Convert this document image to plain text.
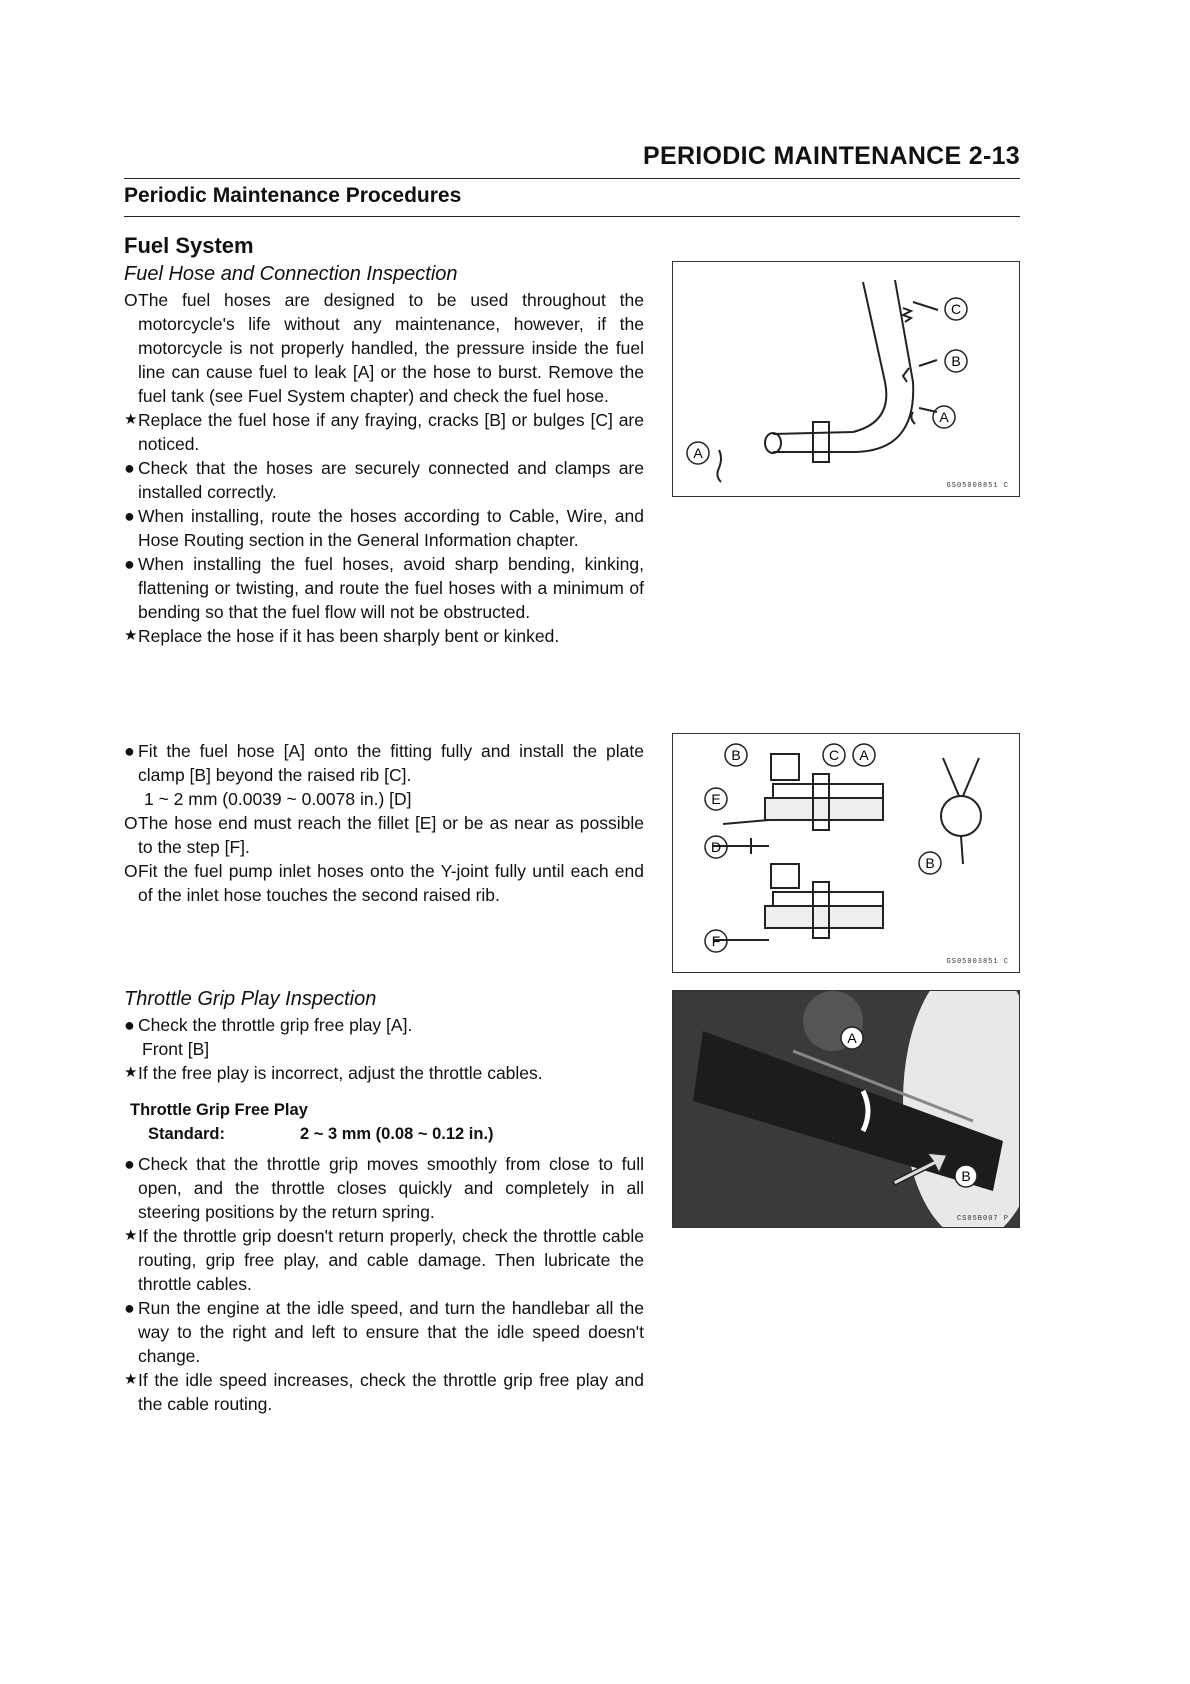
PERIODIC MAINTENANCE 2-13
Periodic Maintenance Procedures
Fuel System
Fuel Hose and Connection Inspection

O The fuel hoses are designed to be used throughout the motorcycle's life without any maintenance, however, if the motorcycle is not properly handled, the pressure inside the fuel line can cause fuel to leak [A] or the hose to burst. Remove the fuel tank (see Fuel System chapter) and check the fuel hose.

★ Replace the fuel hose if any fraying, cracks [B] or bulges [C] are noticed.

● Check that the hoses are securely connected and clamps are installed correctly.

● When installing, route the hoses according to Cable, Wire, and Hose Routing section in the General Information chapter.

● When installing the fuel hoses, avoid sharp bending, kinking, flattening or twisting, and route the fuel hoses with a minimum of bending so that the fuel flow will not be obstructed.

★ Replace the hose if it has been sharply bent or kinked.

● Fit the fuel hose [A] onto the fitting fully and install the plate clamp [B] beyond the raised rib [C].

1 ~ 2 mm (0.0039 ~ 0.0078 in.) [D]

O The hose end must reach the fillet [E] or be as near as possible to the step [F].

O Fit the fuel pump inlet hoses onto the Y-joint fully until each end of the inlet hose touches the second raised rib.

Throttle Grip Play Inspection

● Check the throttle grip free play [A].

Front [B]

★ If the free play is incorrect, adjust the throttle cables.

Throttle Grip Free Play
Standard:	2 ~ 3 mm (0.08 ~ 0.12 in.)

● Check that the throttle grip moves smoothly from close to full open, and the throttle closes quickly and completely in all steering positions by the return spring.

★ If the throttle grip doesn't return properly, check the throttle cable routing, grip free play, and cable damage. Then lubricate the throttle cables.

● Run the engine at the idle speed, and turn the handlebar all the way to the right and left to ensure that the idle speed doesn't change.

★ If the idle speed increases, check the throttle grip free play and the cable routing.

C
B
A
A
GS05008851 C
B	C A
E
D
F
B
GS05003851 C
A
B
CS05B007 P
